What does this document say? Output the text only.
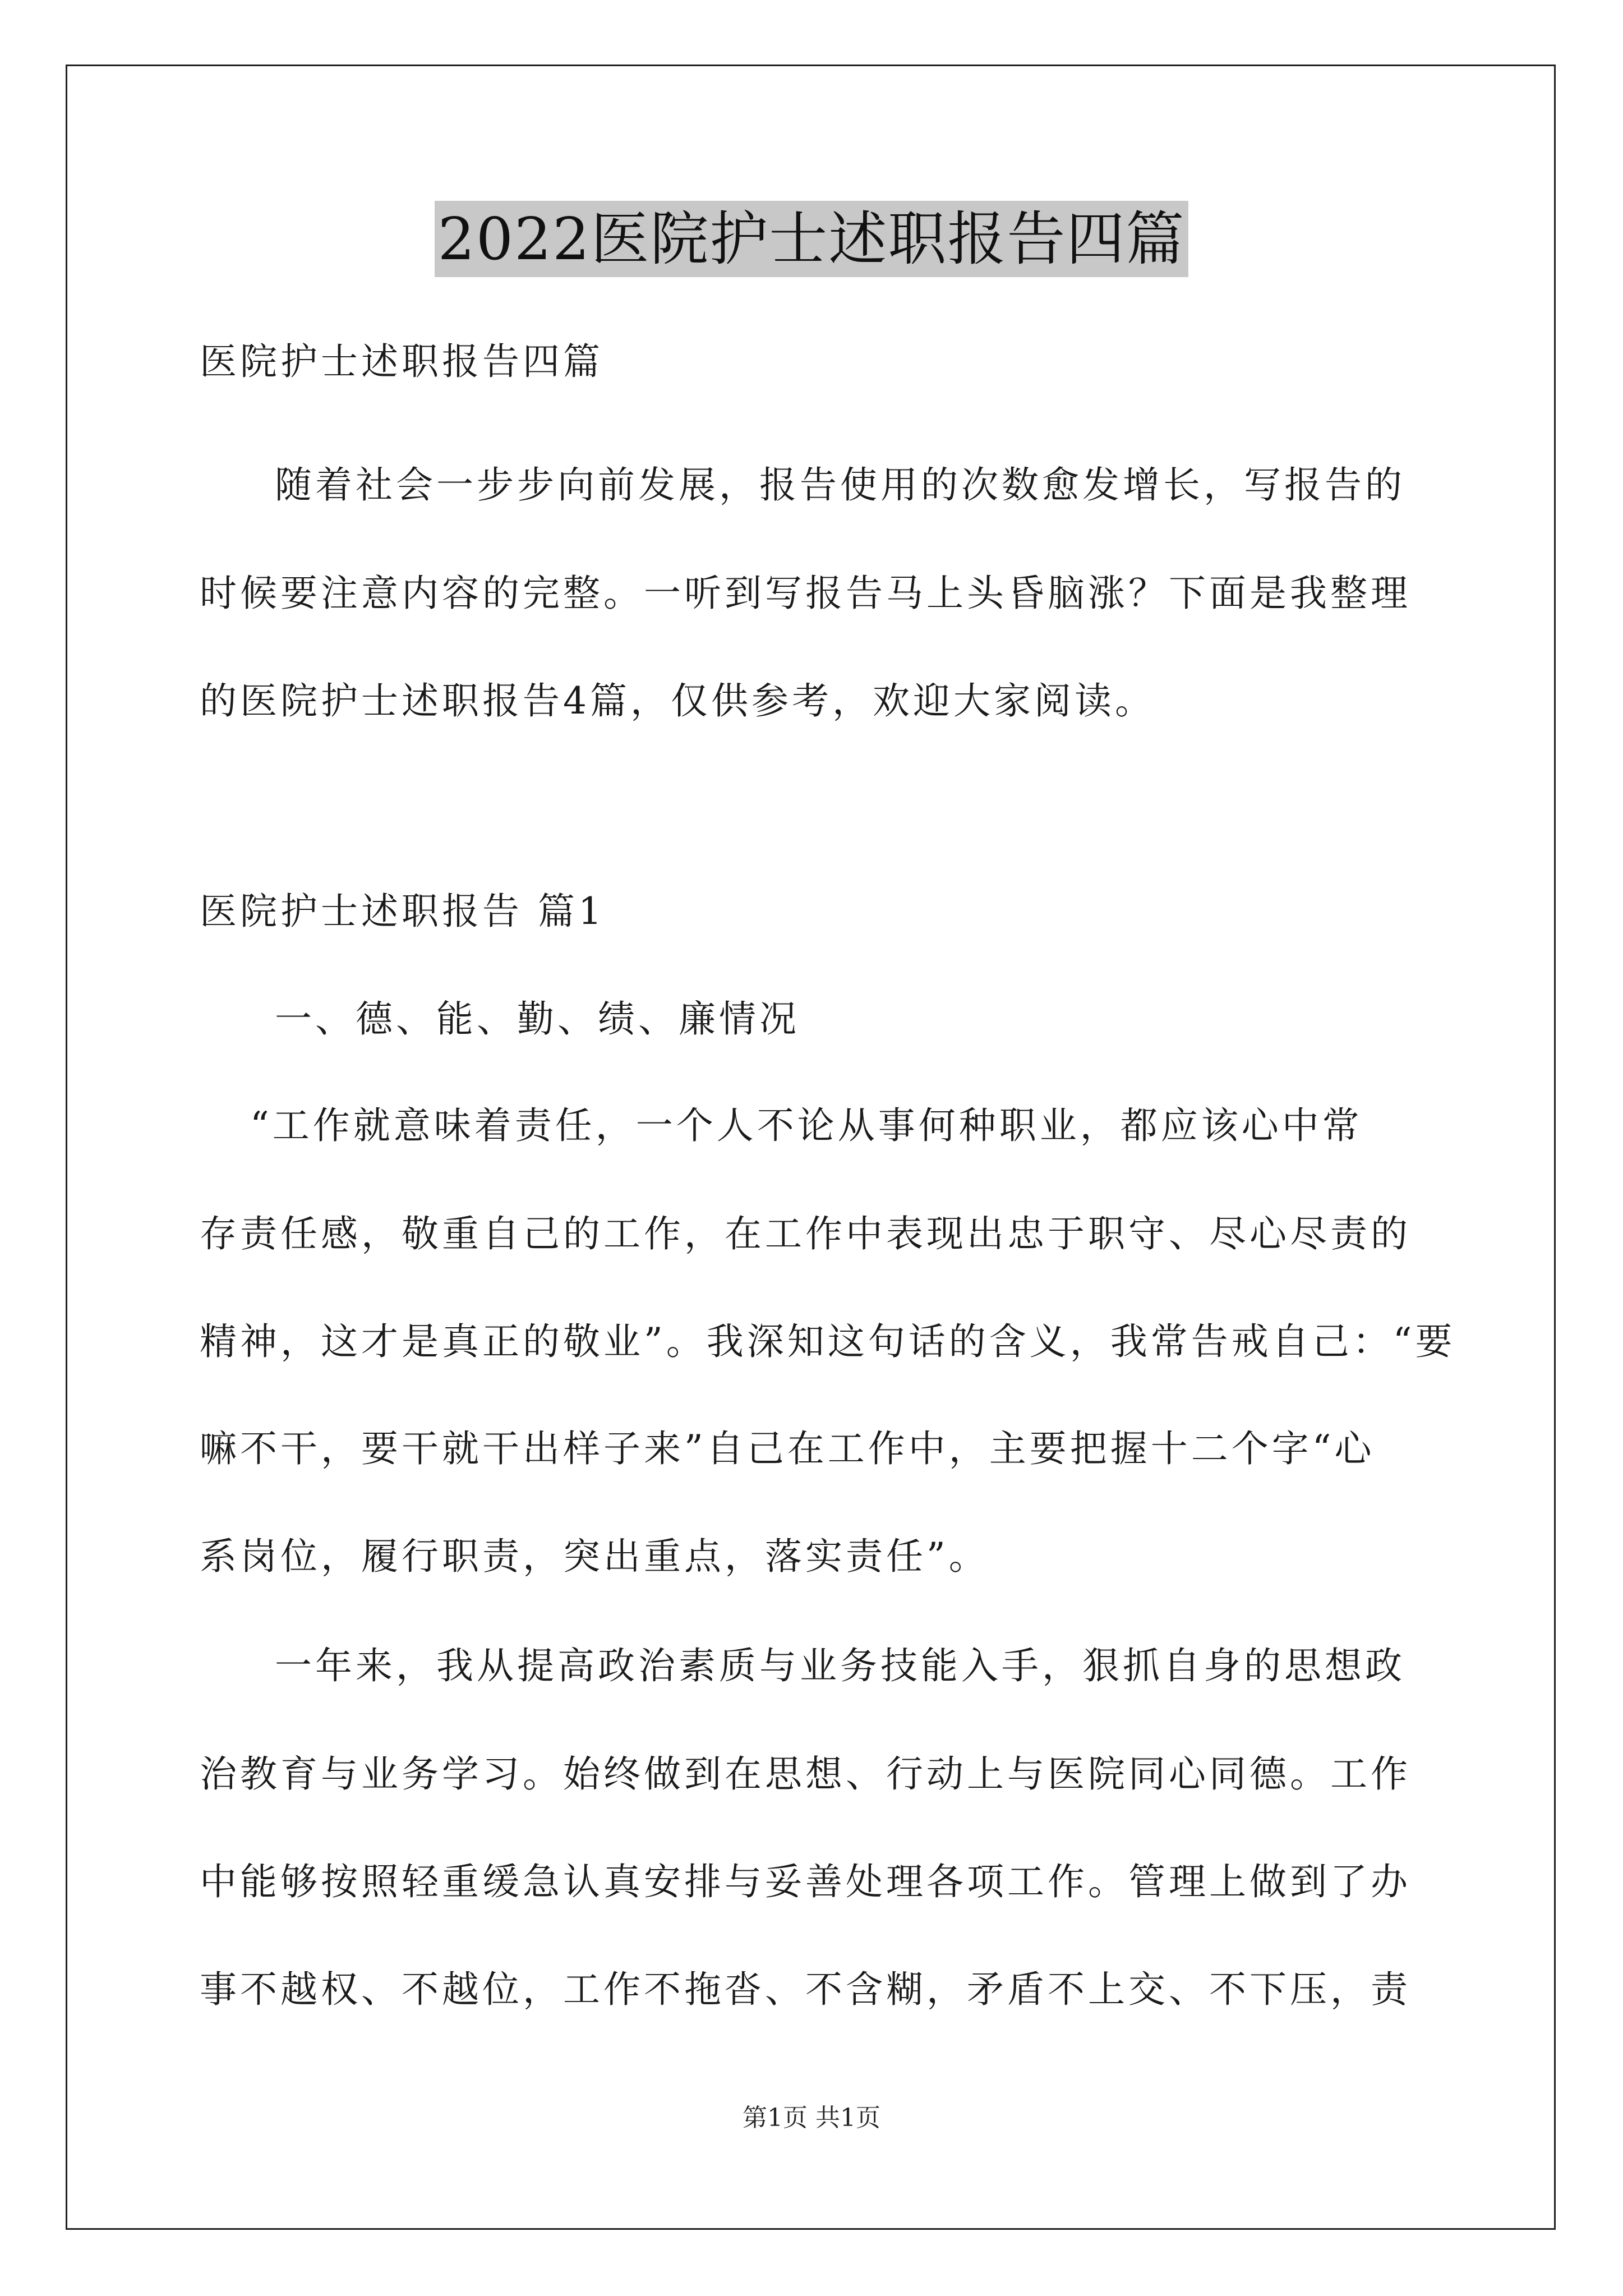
2022医院护士述职报告四篇
医院护士述职报告四篇
随着社会一步步向前发展，报告使用的次数愈发增长，写报告的
时候要注意内容的完整。一听到写报告马上头昏脑涨？下面是我整理
的医院护士述职报告4篇，仅供参考，欢迎大家阅读。
医院护士述职报告 篇1
一、德、能、勤、绩、廉情况
“工作就意味着责任，一个人不论从事何种职业，都应该心中常
存责任感，敬重自己的工作，在工作中表现出忠于职守、尽心尽责的
精神，这才是真正的敬业”。我深知这句话的含义，我常告戒自己：“要
嘛不干，要干就干出样子来”自己在工作中，主要把握十二个字“心
系岗位，履行职责，突出重点，落实责任”。
一年来，我从提高政治素质与业务技能入手，狠抓自身的思想政
治教育与业务学习。始终做到在思想、行动上与医院同心同德。工作
中能够按照轻重缓急认真安排与妥善处理各项工作。管理上做到了办
事不越权、不越位，工作不拖沓、不含糊，矛盾不上交、不下压，责
第1页 共1页
